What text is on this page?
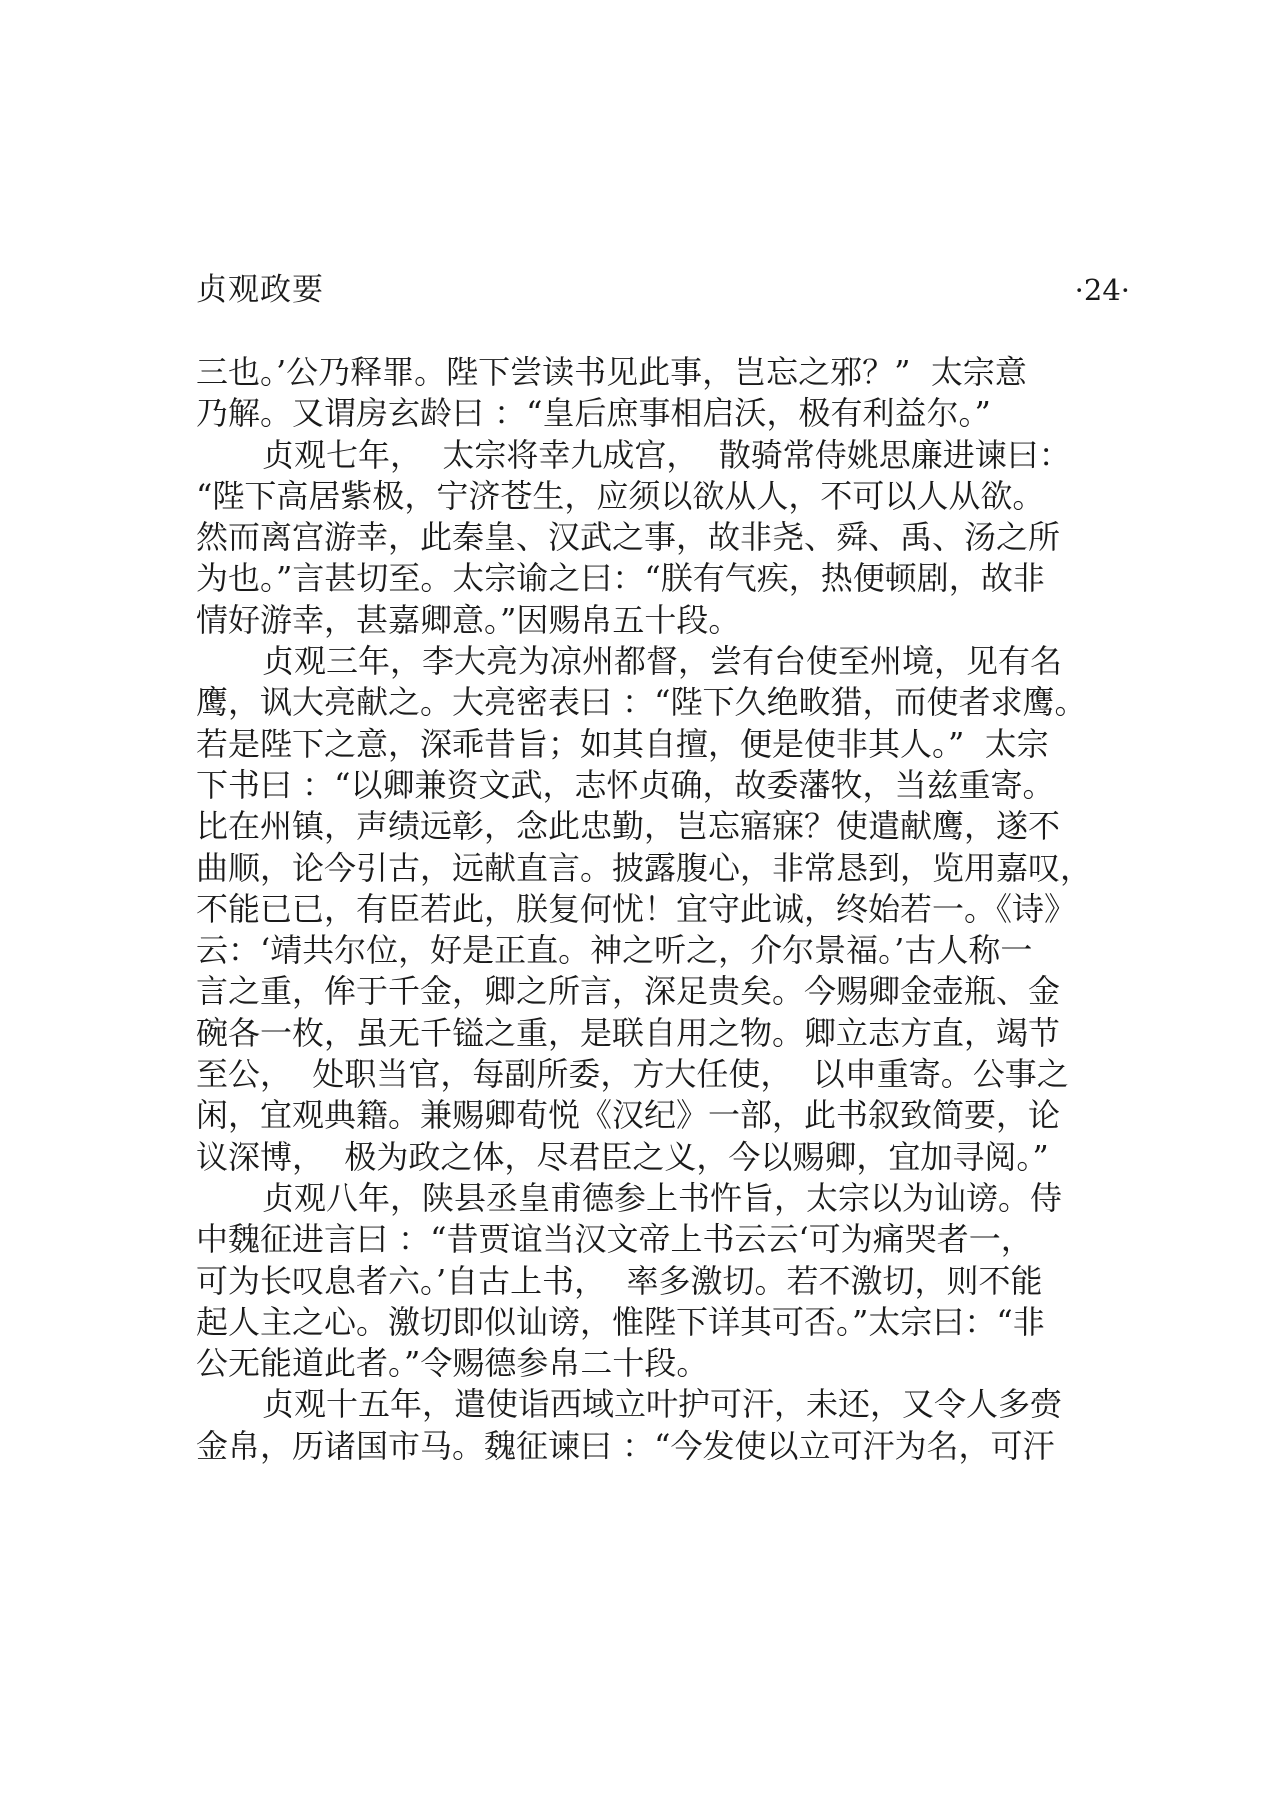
贞观政要	·24·
三也。’公乃释罪。陛下尝读书见此事，岂忘之邪？”  太宗意
乃解。又谓房玄龄曰 ：“皇后庶事相启沃，极有利益尔。”
贞观七年，  太宗将幸九成宫，  散骑常侍姚思廉进谏曰：
“陛下高居紫极，宁济苍生，应须以欲从人，不可以人从欲。
然而离宫游幸，此秦皇、汉武之事，故非尧、舜、禹、汤之所
为也。”言甚切至。太宗谕之曰：“朕有气疾，热便顿剧，故非
情好游幸，甚嘉卿意。”因赐帛五十段。
贞观三年，李大亮为凉州都督，尝有台使至州境，见有名
鹰，讽大亮献之。大亮密表曰 ：“陛下久绝畋猎，而使者求鹰。
若是陛下之意，深乖昔旨；如其自擅，便是使非其人。”  太宗
下书曰 ：“以卿兼资文武，志怀贞确，故委藩牧，当兹重寄。
比在州镇，声绩远彰，念此忠勤，岂忘寤寐？使遣献鹰，遂不
曲顺，论今引古，远献直言。披露腹心，非常恳到，览用嘉叹，
不能已已，有臣若此，朕复何忧！宜守此诚，终始若一。《诗》
云：‘靖共尔位，好是正直。神之听之，介尔景福。’古人称一
言之重，侔于千金，卿之所言，深足贵矣。今赐卿金壶瓶、金
碗各一枚，虽无千镒之重，是联自用之物。卿立志方直，竭节
至公，  处职当官，每副所委，方大任使，  以申重寄。公事之
闲，宜观典籍。兼赐卿荀悦《汉纪》一部，此书叙致简要，论
议深博，  极为政之体，尽君臣之义，今以赐卿，宜加寻阅。”
贞观八年，陕县丞皇甫德参上书忤旨，太宗以为讪谤。侍
中魏征进言曰 ：“昔贾谊当汉文帝上书云云‘可为痛哭者一，
可为长叹息者六。’自古上书，  率多激切。若不激切，则不能
起人主之心。激切即似讪谤，惟陛下详其可否。”太宗曰：“非
公无能道此者。”令赐德参帛二十段。
贞观十五年，遣使诣西域立叶护可汗，未还，又令人多赍
金帛，历诸国市马。魏征谏曰 ：“今发使以立可汗为名，可汗
